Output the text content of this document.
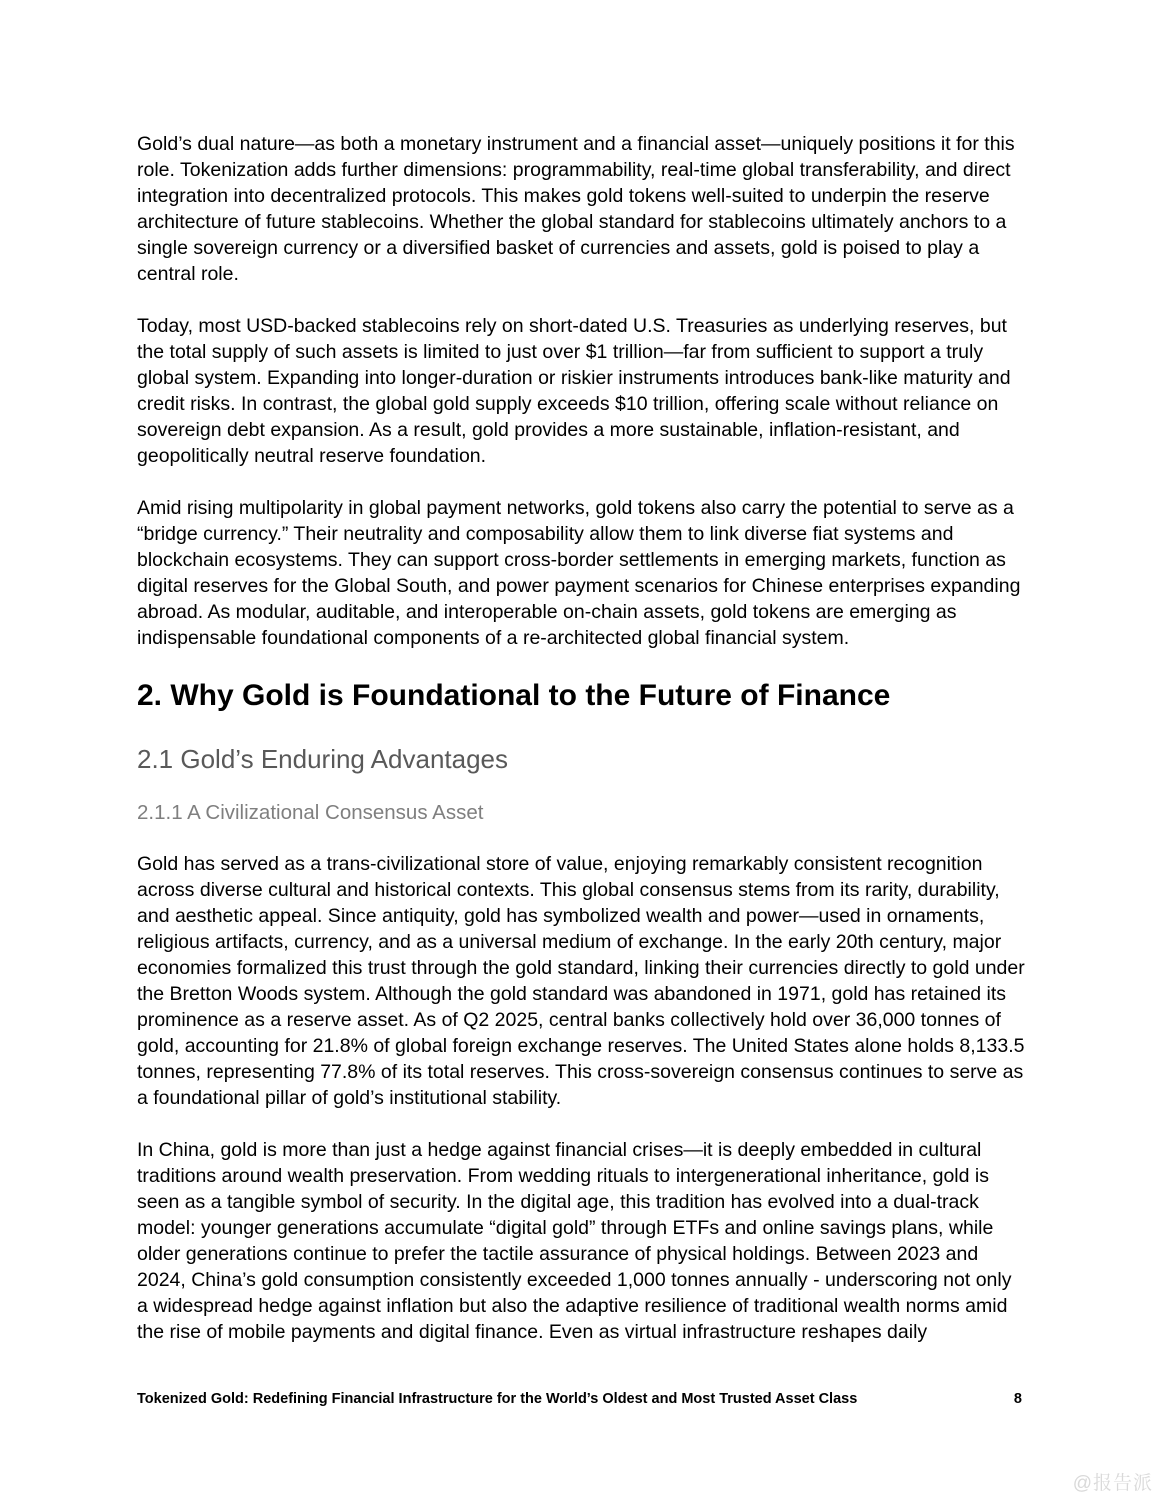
Gold’s dual nature—as both a monetary instrument and a financial asset—uniquely positions it for this role. Tokenization adds further dimensions: programmability, real-time global transferability, and direct integration into decentralized protocols. This makes gold tokens well-suited to underpin the reserve architecture of future stablecoins. Whether the global standard for stablecoins ultimately anchors to a single sovereign currency or a diversified basket of currencies and assets, gold is poised to play a central role.

Today, most USD-backed stablecoins rely on short-dated U.S. Treasuries as underlying reserves, but the total supply of such assets is limited to just over $1 trillion—far from sufficient to support a truly global system. Expanding into longer-duration or riskier instruments introduces bank-like maturity and credit risks. In contrast, the global gold supply exceeds $10 trillion, offering scale without reliance on sovereign debt expansion. As a result, gold provides a more sustainable, inflation-resistant, and geopolitically neutral reserve foundation.

Amid rising multipolarity in global payment networks, gold tokens also carry the potential to serve as a “bridge currency.” Their neutrality and composability allow them to link diverse fiat systems and blockchain ecosystems. They can support cross-border settlements in emerging markets, function as digital reserves for the Global South, and power payment scenarios for Chinese enterprises expanding abroad. As modular, auditable, and interoperable on-chain assets, gold tokens are emerging as indispensable foundational components of a re-architected global financial system.

2. Why Gold is Foundational to the Future of Finance
2.1 Gold’s Enduring Advantages
2.1.1 A Civilizational Consensus Asset

Gold has served as a trans-civilizational store of value, enjoying remarkably consistent recognition across diverse cultural and historical contexts. This global consensus stems from its rarity, durability, and aesthetic appeal. Since antiquity, gold has symbolized wealth and power—used in ornaments, religious artifacts, currency, and as a universal medium of exchange. In the early 20th century, major economies formalized this trust through the gold standard, linking their currencies directly to gold under the Bretton Woods system. Although the gold standard was abandoned in 1971, gold has retained its prominence as a reserve asset. As of Q2 2025, central banks collectively hold over 36,000 tonnes of gold, accounting for 21.8% of global foreign exchange reserves. The United States alone holds 8,133.5 tonnes, representing 77.8% of its total reserves. This cross-sovereign consensus continues to serve as a foundational pillar of gold’s institutional stability.

In China, gold is more than just a hedge against financial crises—it is deeply embedded in cultural traditions around wealth preservation. From wedding rituals to intergenerational inheritance, gold is seen as a tangible symbol of security. In the digital age, this tradition has evolved into a dual-track model: younger generations accumulate “digital gold” through ETFs and online savings plans, while older generations continue to prefer the tactile assurance of physical holdings. Between 2023 and 2024, China’s gold consumption consistently exceeded 1,000 tonnes annually - underscoring not only a widespread hedge against inflation but also the adaptive resilience of traditional wealth norms amid the rise of mobile payments and digital finance. Even as virtual infrastructure reshapes daily

Tokenized Gold: Redefining Financial Infrastructure for the World’s Oldest and Most Trusted Asset Class	8
@报告派
